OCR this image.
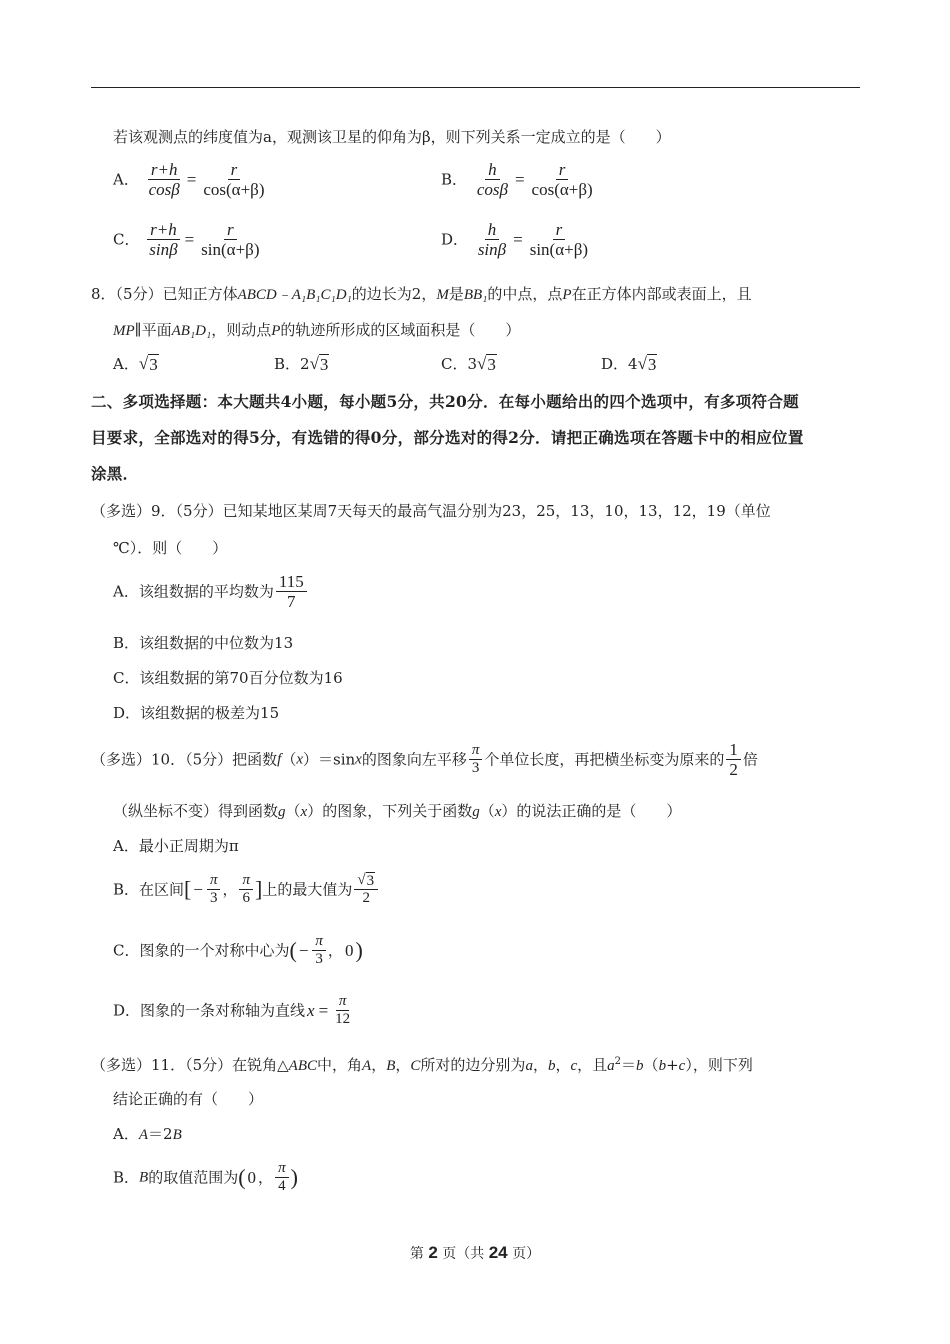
若该观测点的纬度值为a，观测该卫星的仰角为β，则下列关系一定成立的是（　　）
A． $\frac{r+h}{\cos\beta} = \frac{r}{\cos(\alpha+\beta)}$	B． $\frac{h}{\cos\beta} = \frac{r}{\cos(\alpha+\beta)}$
C． $\frac{r+h}{\sin\beta} = \frac{r}{\sin(\alpha+\beta)}$	D． $\frac{h}{\sin\beta} = \frac{r}{\sin(\alpha+\beta)}$
8．（5分）已知正方体ABCD﹣A₁B₁C₁D₁的边长为2，M是BB₁的中点，点P在正方体内部或表面上，且
MP∥平面AB₁D₁，则动点P的轨迹所形成的区域面积是（　　）
A．√ 3	B．2√ 3	C．3√ 3	D．4√ 3
二、多项选择题：本大题共4小题，每小题5分，共20分．在每小题给出的四个选项中，有多项符合题
目要求，全部选对的得5分，有选错的得0分，部分选对的得2分．请把正确选项在答题卡中的相应位置
涂黑．
（多选）9．（5分）已知某地区某周7天每天的最高气温分别为23，25，13，10，13，12，19（单位
℃）．则（　　）
A．该组数据的平均数为 $\frac{115}{7}$
B．该组数据的中位数为13
C．该组数据的第70百分位数为16
D．该组数据的极差为15
（多选）10．（5分）把函数f（x）＝sinx的图象向左平移 $\frac{\pi}{3}$ 个单位长度，再把横坐标变为原来的 $\frac{1}{2}$ 倍
（纵坐标不变）得到函数g（x）的图象，下列关于函数g（x）的说法正确的是（　　）
A．最小正周期为π
B．在区间[ − $\frac{\pi}{3}$ ， $\frac{\pi}{6}$ ]上的最大值为 $\frac{√ 3}{2}$
C．图象的一个对称中心为( − $\frac{\pi}{3}$ ， 0)
D．图象的一条对称轴为直线 $x = \frac{\pi}{12}$
（多选）11．（5分）在锐角△ABC中，角A，B，C所对的边分别为a，b，c，且$a^2=b(b+c)$，则下列
结论正确的有（　　）
A．A＝2B
B．B的取值范围为( 0 ， $\frac{\pi}{4}$ )
第 2 页（共 24 页）
